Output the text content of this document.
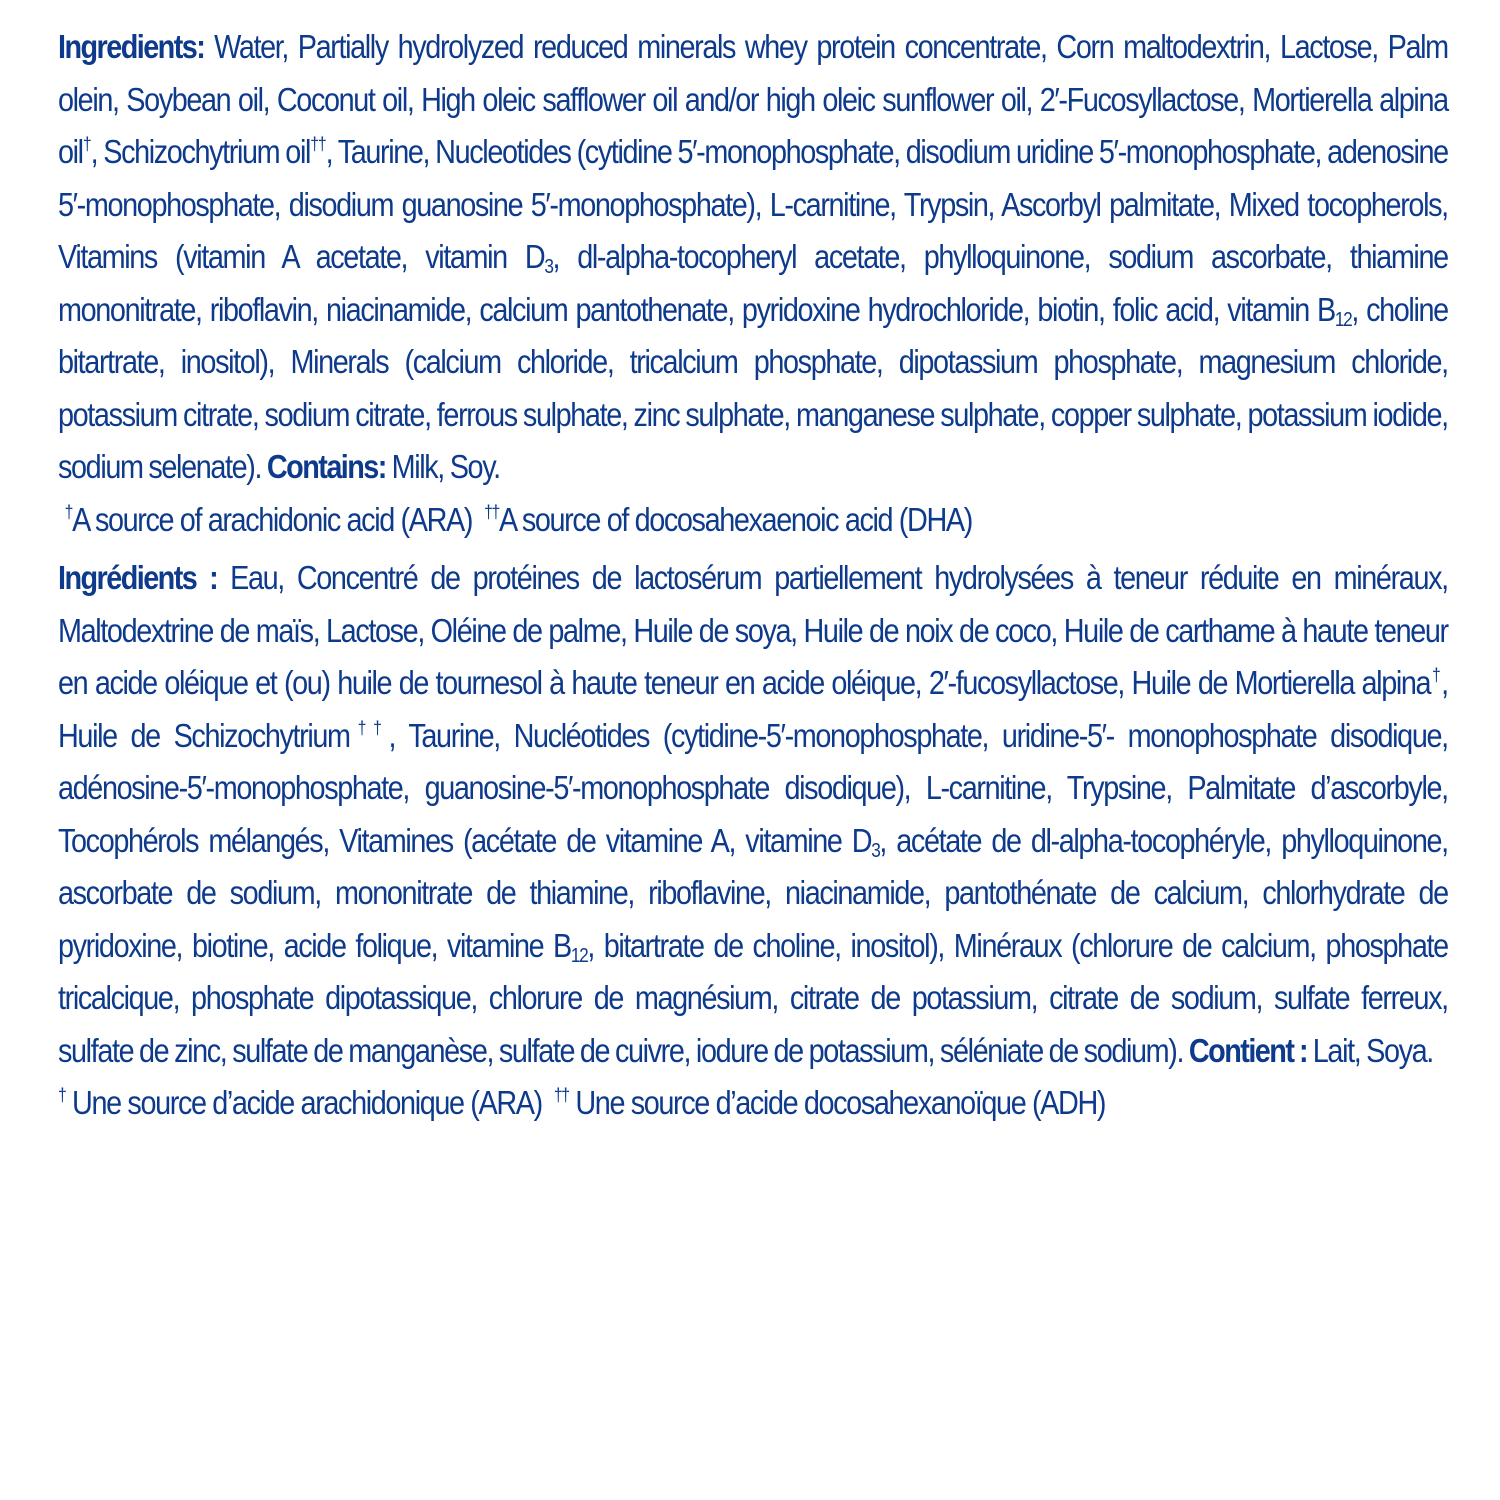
Ingredients: Water, Partially hydrolyzed reduced minerals whey protein concentrate, Corn maltodextrin, Lactose, Palm olein, Soybean oil, Coconut oil, High oleic safflower oil and/or high oleic sunflower oil, 2′-Fucosyllactose, Mortierella alpina oil†, Schizochytrium oil††, Taurine, Nucleotides (cytidine 5′-monophosphate, disodium uridine 5′-monophosphate, adenosine 5′-monophosphate, disodium guanosine 5′-monophosphate), L-carnitine, Trypsin, Ascorbyl palmitate, Mixed tocopherols, Vitamins (vitamin A acetate, vitamin $D_3$, dl-alpha-tocopheryl acetate, phylloquinone, sodium ascorbate, thiamine mononitrate, riboflavin, niacinamide, calcium pantothenate, pyridoxine hydrochloride, biotin, folic acid, vitamin $B_{12}$, choline bitartrate, inositol), Minerals (calcium chloride, tricalcium phosphate, dipotassium phosphate, magnesium chloride, potassium citrate, sodium citrate, ferrous sulphate, zinc sulphate, manganese sulphate, copper sulphate, potassium iodide, sodium selenate). Contains: Milk, Soy.
†A source of arachidonic acid (ARA) ††A source of docosahexaenoic acid (DHA)
Ingrédients : Eau, Concentré de protéines de lactosérum partiellement hydrolysées à teneur réduite en minéraux, Maltodextrine de maïs, Lactose, Oléine de palme, Huile de soya, Huile de noix de coco, Huile de carthame à haute teneur en acide oléique et (ou) huile de tournesol à haute teneur en acide oléique, 2′-fucosyllactose, Huile de Mortierella alpina†, Huile de Schizochytrium††, Taurine, Nucléotides (cytidine-5′-monophosphate, uridine-5′- monophosphate disodique, adénosine-5′-monophosphate, guanosine-5′-monophosphate disodique), L-carnitine, Trypsine, Palmitate d’ascorbyle, Tocophérols mélangés, Vitamines (acétate de vitamine A, vitamine $D_3$, acétate de dl-alpha-tocophéryle, phylloquinone, ascorbate de sodium, mononitrate de thiamine, riboflavine, niacinamide, pantothénate de calcium, chlorhydrate de pyridoxine, biotine, acide folique, vitamine $B_{12}$, bitartrate de choline, inositol), Minéraux (chlorure de calcium, phosphate tricalcique, phosphate dipotassique, chlorure de magnésium, citrate de potassium, citrate de sodium, sulfate ferreux, sulfate de zinc, sulfate de manganèse, sulfate de cuivre, iodure de potassium, séléniate de sodium). Contient : Lait, Soya.
† Une source d’acide arachidonique (ARA) †† Une source d’acide docosahexanoïque (ADH)
